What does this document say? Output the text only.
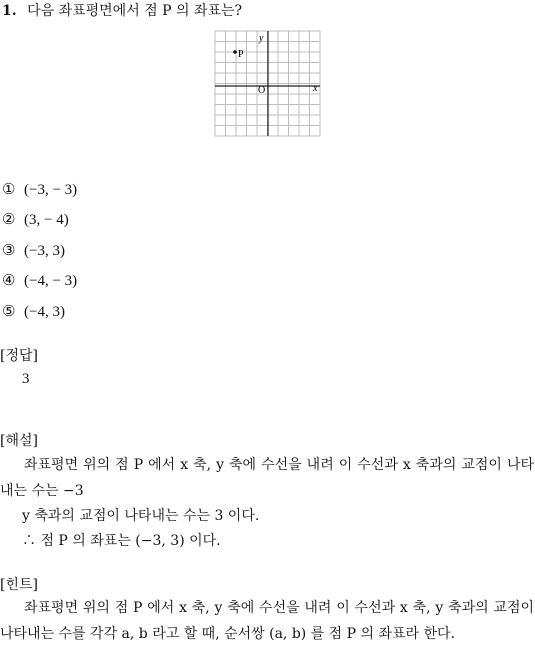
1. 다음 좌표평면에서 점 P 의 좌표는?
P
O	x
y
① (−3, − 3)
② (3, − 4)
③ (−3, 3)
④ (−4, − 3)
⑤ (−4, 3)
[정답]
3
[해설]
좌표평면 위의 점 P 에서 x 축, y 축에 수선을 내려 이 수선과 x 축과의 교점이 나타내는 수는 −3
y 축과의 교점이 나타내는 수는 3 이다.
∴ 점 P 의 좌표는 (−3, 3) 이다.
[힌트]
좌표평면 위의 점 P 에서 x 축, y 축에 수선을 내려 이 수선과 x 축, y 축과의 교점이 나타내는 수를 각각 a, b 라고 할 때, 순서쌍 (a, b) 를 점 P 의 좌표라 한다.
